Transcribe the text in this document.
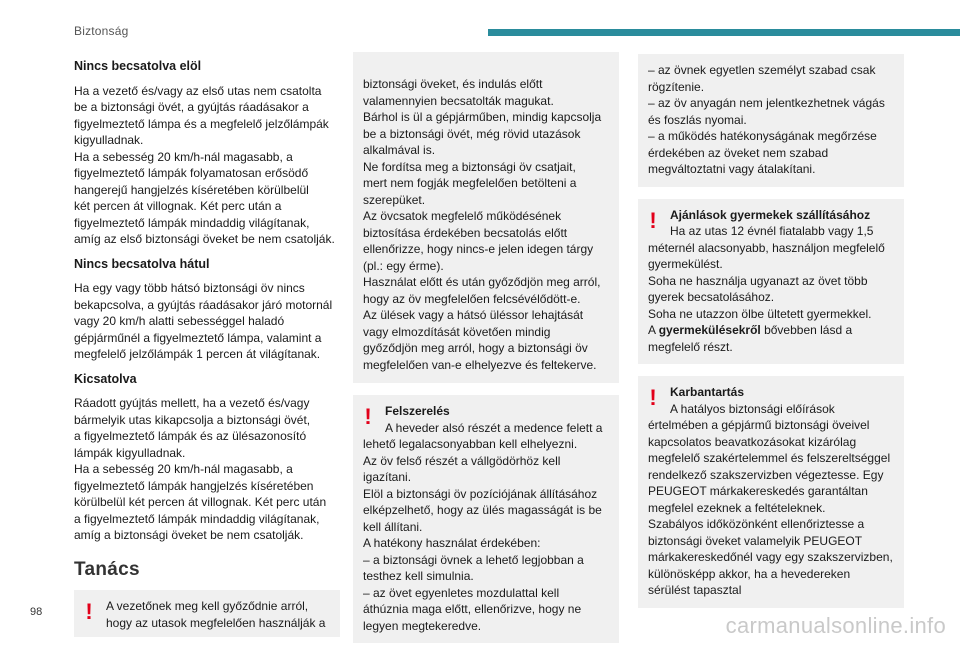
Biztonság
Nincs becsatolva elöl
Ha a vezető és/vagy az első utas nem csatolta
be a biztonsági övét, a gyújtás ráadásakor a
figyelmeztető lámpa és a megfelelő jelzőlámpák
kigyulladnak.
Ha a sebesség 20 km/h-nál magasabb, a
figyelmeztető lámpák folyamatosan erősödő
hangerejű hangjelzés kíséretében körülbelül
két percen át villognak. Két perc után a
figyelmeztető lámpák mindaddig világítanak,
amíg az első biztonsági öveket be nem csatolják.
Nincs becsatolva hátul
Ha egy vagy több hátsó biztonsági öv nincs
bekapcsolva, a gyújtás ráadásakor járó motornál
vagy 20 km/h alatti sebességgel haladó
gépjárműnél a figyelmeztető lámpa, valamint a
megfelelő jelzőlámpák 1 percen át világítanak.
Kicsatolva
Ráadott gyújtás mellett, ha a vezető és/vagy
bármelyik utas kikapcsolja a biztonsági övét,
a figyelmeztető lámpák és az ülésazonosító
lámpák kigyulladnak.
Ha a sebesség 20 km/h-nál magasabb, a
figyelmeztető lámpák hangjelzés kíséretében
körülbelül két percen át villognak. Két perc után
a figyelmeztető lámpák mindaddig világítanak,
amíg a biztonsági öveket be nem csatolják.
Tanács
! A vezetőnek meg kell győződnie arról,
hogy az utasok megfelelően használják a
biztonsági öveket, és indulás előtt
valamennyien becsatolták magukat.
Bárhol is ül a gépjárműben, mindig kapcsolja
be a biztonsági övét, még rövid utazások
alkalmával is.
Ne fordítsa meg a biztonsági öv csatjait,
mert nem fogják megfelelően betölteni a
szerepüket.
Az övcsatok megfelelő működésének
biztosítása érdekében becsatolás előtt
ellenőrizze, hogy nincs-e jelen idegen tárgy
(pl.: egy érme).
Használat előtt és után győződjön meg arról,
hogy az öv megfelelően felcsévélődött-e.
Az ülések vagy a hátsó üléssor lehajtását
vagy elmozdítását követően mindig
győződjön meg arról, hogy a biztonsági öv
megfelelően van-e elhelyezve és feltekerve.
!	Felszerelés
A heveder alsó részét a medence felett a
lehető legalacsonyabban kell elhelyezni.
Az öv felső részét a vállgödörhöz kell
igazítani.
Elöl a biztonsági öv pozíciójának állításához
elképzelhető, hogy az ülés magasságát is be
kell állítani.
A hatékony használat érdekében:
– a biztonsági övnek a lehető legjobban a
testhez kell simulnia.
– az övet egyenletes mozdulattal kell
áthúznia maga előtt, ellenőrizve, hogy ne
legyen megtekeredve.
– az övnek egyetlen személyt szabad csak
rögzítenie.
– az öv anyagán nem jelentkezhetnek vágás
és foszlás nyomai.
– a működés hatékonyságának megőrzése
érdekében az öveket nem szabad
megváltoztatni vagy átalakítani.
!	Ajánlások gyermekek szállításához
Ha az utas 12 évnél fiatalabb vagy 1,5
méternél alacsonyabb, használjon megfelelő
gyermekülést.
Soha ne használja ugyanazt az övet több
gyerek becsatolásához.
Soha ne utazzon ölbe ültetett gyermekkel.
A gyermekülésekről bővebben lásd a
megfelelő részt.
!	Karbantartás
A hatályos biztonsági előírások
értelmében a gépjármű biztonsági öveivel
kapcsolatos beavatkozásokat kizárólag
megfelelő szakértelemmel és felszereltséggel
rendelkező szakszervizben végeztesse. Egy
PEUGEOT márkakereskedés garantáltan
megfelel ezeknek a feltételeknek.
Szabályos időközönként ellenőriztesse a
biztonsági öveket valamelyik PEUGEOT
márkakereskedőnél vagy egy szakszervizben,
különösképp akkor, ha a hevedereken
sérülést tapasztal
98
carmanualsonline.info
